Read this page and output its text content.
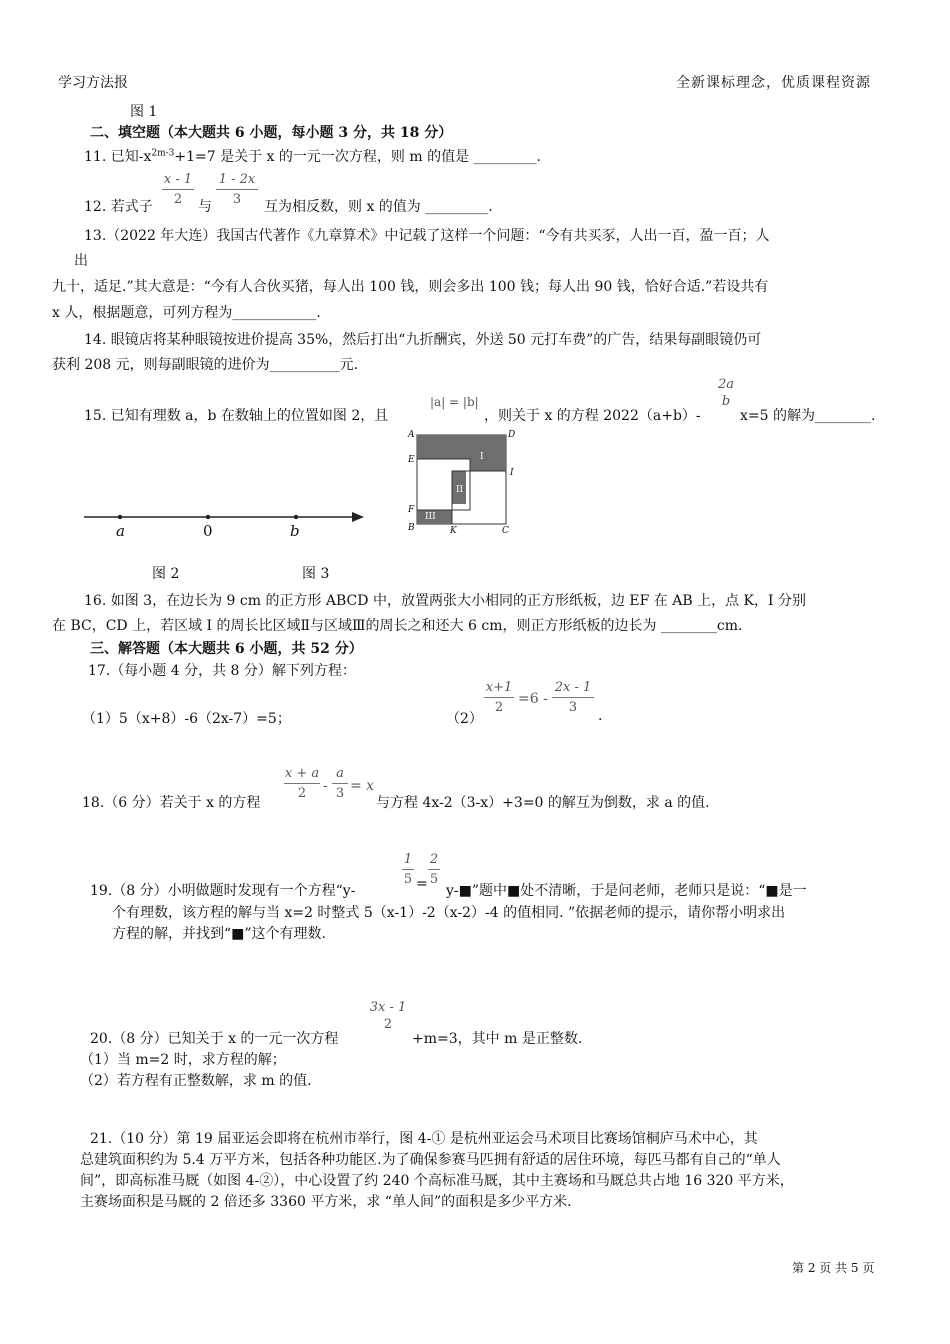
学习方法报	全新课标理念，优质课程资源
图 1
二、填空题（本大题共 6 小题，每小题 3 分，共 18 分）
11. 已知$-x^{2m-3}+1=7$ 是关于 x 的一元一次方程，则 m 的值是 _________.
12. 若式子
x - 1
2	与
1 - 2x
3	互为相反数，则 x 的值为 _________.
13.（2022 年大连）我国古代著作《九章算术》中记载了这样一个问题：“今有共买豕，人出一百，盈一百；人
出
九十，适足.”其大意是：“今有人合伙买猪，每人出 100 钱，则会多出 100 钱；每人出 90 钱，恰好合适.”若设共有
x 人，根据题意，可列方程为____________.
14. 眼镜店将某种眼镜按进价提高 35%，然后打出“九折酬宾，外送 50 元打车费”的广告，结果每副眼镜仍可
获利 208 元，则每副眼镜的进价为__________元.
15. 已知有理数 a，b 在数轴上的位置如图 2，且
|a| = |b|
，则关于 x 的方程 2022（a+b）-
2a
b
x=5 的解为________.
a	0	b
图 2
A	D
E
I
F
B	K	C
I
II
III
图 3
16. 如图 3，在边长为 9 cm 的正方形 ABCD 中，放置两张大小相同的正方形纸板，边 EF 在 AB 上，点 K，I 分别
在 BC，CD 上，若区域 I 的周长比区域Ⅱ与区域Ⅲ的周长之和还大 6 cm，则正方形纸板的边长为 ________cm.
三、解答题（本大题共 6 小题，共 52 分）
17.（每小题 4 分，共 8 分）解下列方程：
（1）5（x+8）-6（2x-7）=5；	（2）
x+1
2
=6 -
2x - 1
3
.
18.（6 分）若关于 x 的方程
x + a
2	-
a
3 = x
与方程 4x-2（3-x）+3=0 的解互为倒数，求 a 的值.
19.（8 分）小明做题时发现有一个方程“y-
1
5 =
2
5
y-■”题中■处不清晰，于是问老师，老师只是说：“■是一
个有理数，该方程的解与当 x=2 时整式 5（x-1）-2（x-2）-4 的值相同. ”依据老师的提示，请你帮小明求出
方程的解，并找到“■”这个有理数.
20.（8 分）已知关于 x 的一元一次方程
3x - 1
2
+m=3，其中 m 是正整数.
（1）当 m=2 时，求方程的解；
（2）若方程有正整数解，求 m 的值.
21.（10 分）第 19 届亚运会即将在杭州市举行，图 4-① 是杭州亚运会马术项目比赛场馆桐庐马术中心，其
总建筑面积约为 5.4 万平方米，包括各种功能区.为了确保参赛马匹拥有舒适的居住环境，每匹马都有自己的“单人
间”，即高标准马厩（如图 4-②），中心设置了约 240 个高标准马厩，其中主赛场和马厩总共占地 16 320 平方米，
主赛场面积是马厩的 2 倍还多 3360 平方米，求 “单人间”的面积是多少平方米.
第 2 页 共 5 页
